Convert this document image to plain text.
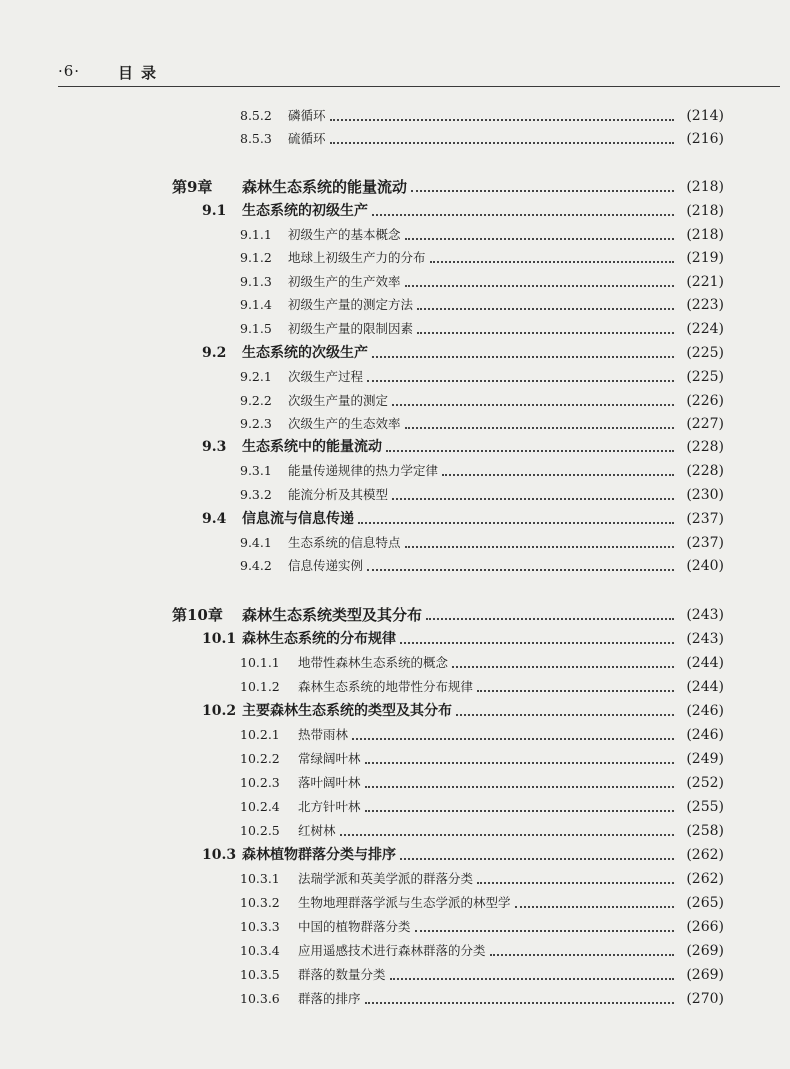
·6·	目录
8.5.2	磷循环	(214)
8.5.3	硫循环	(216)
第9章	森林生态系统的能量流动	(218)
9.1	生态系统的初级生产	(218)
9.1.1	初级生产的基本概念	(218)
9.1.2	地球上初级生产力的分布	(219)
9.1.3	初级生产的生产效率	(221)
9.1.4	初级生产量的测定方法	(223)
9.1.5	初级生产量的限制因素	(224)
9.2	生态系统的次级生产	(225)
9.2.1	次级生产过程	(225)
9.2.2	次级生产量的测定	(226)
9.2.3	次级生产的生态效率	(227)
9.3	生态系统中的能量流动	(228)
9.3.1	能量传递规律的热力学定律	(228)
9.3.2	能流分析及其模型	(230)
9.4	信息流与信息传递	(237)
9.4.1	生态系统的信息特点	(237)
9.4.2	信息传递实例	(240)
第10章	森林生态系统类型及其分布	(243)
10.1 森林生态系统的分布规律	(243)
10.1.1	地带性森林生态系统的概念	(244)
10.1.2	森林生态系统的地带性分布规律	(244)
10.2 主要森林生态系统的类型及其分布	(246)
10.2.1	热带雨林	(246)
10.2.2	常绿阔叶林	(249)
10.2.3	落叶阔叶林	(252)
10.2.4	北方针叶林	(255)
10.2.5	红树林	(258)
10.3 森林植物群落分类与排序	(262)
10.3.1	法瑞学派和英美学派的群落分类	(262)
10.3.2	生物地理群落学派与生态学派的林型学	(265)
10.3.3	中国的植物群落分类	(266)
10.3.4	应用遥感技术进行森林群落的分类	(269)
10.3.5	群落的数量分类	(269)
10.3.6	群落的排序	(270)
